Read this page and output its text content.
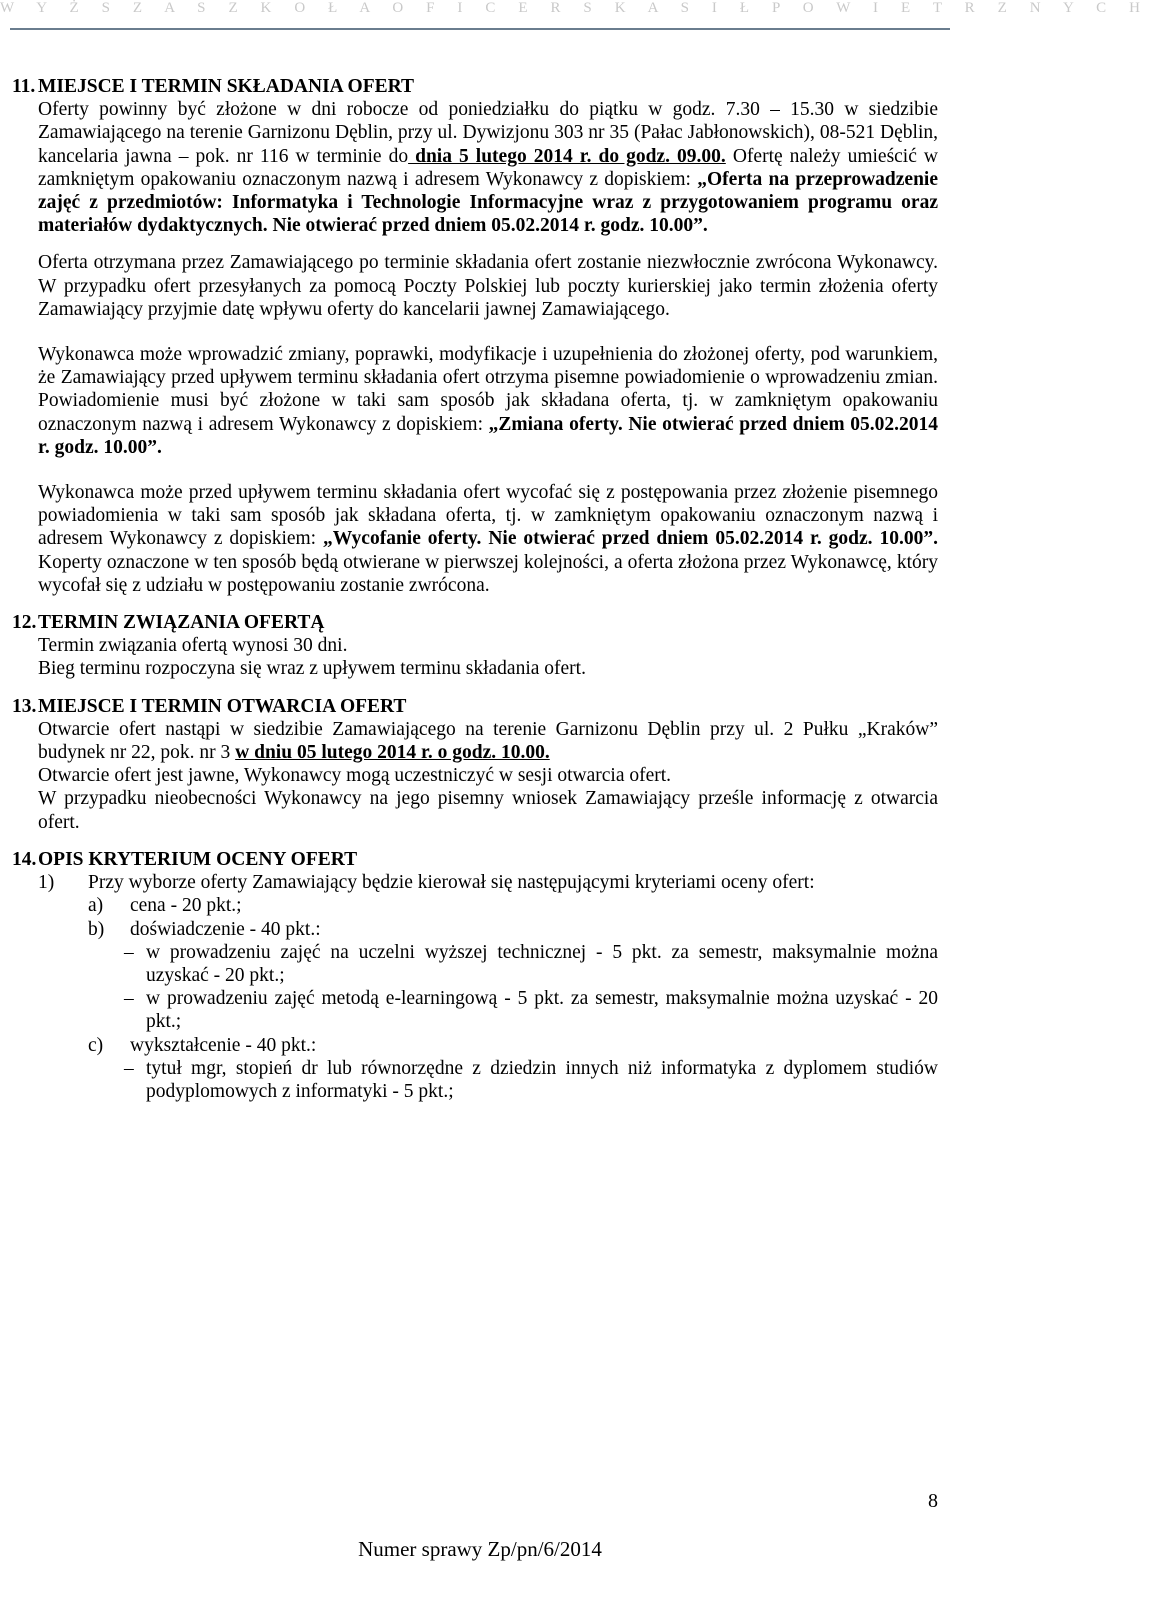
W Y Ż S Z A S Z K O Ł A O F I C E R S K A S I Ł P O W I E T R Z N Y C H

11. MIEJSCE I TERMIN SKŁADANIA OFERT

Oferty powinny być złożone w dni robocze od poniedziałku do piątku w godz. 7.30 – 15.30 w siedzibie Zamawiającego na terenie Garnizonu Dęblin, przy ul. Dywizjonu 303 nr 35 (Pałac Jabłonowskich), 08-521 Dęblin, kancelaria jawna – pok. nr 116 w terminie do dnia 5 lutego 2014 r. do godz. 09.00. Ofertę należy umieścić w zamkniętym opakowaniu oznaczonym nazwą i adresem Wykonawcy z dopiskiem: „Oferta na przeprowadzenie zajęć z przedmiotów: Informatyka i Technologie Informacyjne wraz z przygotowaniem programu oraz materiałów dydaktycznych. Nie otwierać przed dniem 05.02.2014 r. godz. 10.00”.

Oferta otrzymana przez Zamawiającego po terminie składania ofert zostanie niezwłocznie zwrócona Wykonawcy. W przypadku ofert przesyłanych za pomocą Poczty Polskiej lub poczty kurierskiej jako termin złożenia oferty Zamawiający przyjmie datę wpływu oferty do kancelarii jawnej Zamawiającego.

Wykonawca może wprowadzić zmiany, poprawki, modyfikacje i uzupełnienia do złożonej oferty, pod warunkiem, że Zamawiający przed upływem terminu składania ofert otrzyma pisemne powiadomienie o wprowadzeniu zmian. Powiadomienie musi być złożone w taki sam sposób jak składana oferta, tj. w zamkniętym opakowaniu oznaczonym nazwą i adresem Wykonawcy z dopiskiem: „Zmiana oferty. Nie otwierać przed dniem 05.02.2014 r. godz. 10.00”.

Wykonawca może przed upływem terminu składania ofert wycofać się z postępowania przez złożenie pisemnego powiadomienia w taki sam sposób jak składana oferta, tj. w zamkniętym opakowaniu oznaczonym nazwą i adresem Wykonawcy z dopiskiem: „Wycofanie oferty. Nie otwierać przed dniem 05.02.2014 r. godz. 10.00”. Koperty oznaczone w ten sposób będą otwierane w pierwszej kolejności, a oferta złożona przez Wykonawcę, który wycofał się z udziału w postępowaniu zostanie zwrócona.

12.TERMIN ZWIĄZANIA OFERTĄ

Termin związania ofertą wynosi 30 dni.

Bieg terminu rozpoczyna się wraz z upływem terminu składania ofert.

13.MIEJSCE I TERMIN OTWARCIA OFERT

Otwarcie ofert nastąpi w siedzibie Zamawiającego na terenie Garnizonu Dęblin przy ul. 2 Pułku „Kraków” budynek nr 22, pok. nr 3 w dniu 05 lutego 2014 r. o godz. 10.00.

Otwarcie ofert jest jawne, Wykonawcy mogą uczestniczyć w sesji otwarcia ofert.

W przypadku nieobecności Wykonawcy na jego pisemny wniosek Zamawiający prześle informację z otwarcia ofert.

14.OPIS KRYTERIUM OCENY OFERT

1)	Przy wyborze oferty Zamawiający będzie kierował się następującymi kryteriami oceny ofert:
a)	cena - 20 pkt.;
b)	doświadczenie - 40 pkt.:
– w prowadzeniu zajęć na uczelni wyższej technicznej - 5 pkt. za semestr, maksymalnie można uzyskać - 20 pkt.;
– w prowadzeniu zajęć metodą e-learningową - 5 pkt. za semestr, maksymalnie można uzyskać - 20 pkt.;
c)	wykształcenie - 40 pkt.:
– tytuł mgr, stopień dr lub równorzędne z dziedzin innych niż informatyka z dyplomem studiów podyplomowych z informatyki - 5 pkt.;
8
Numer sprawy Zp/pn/6/2014
